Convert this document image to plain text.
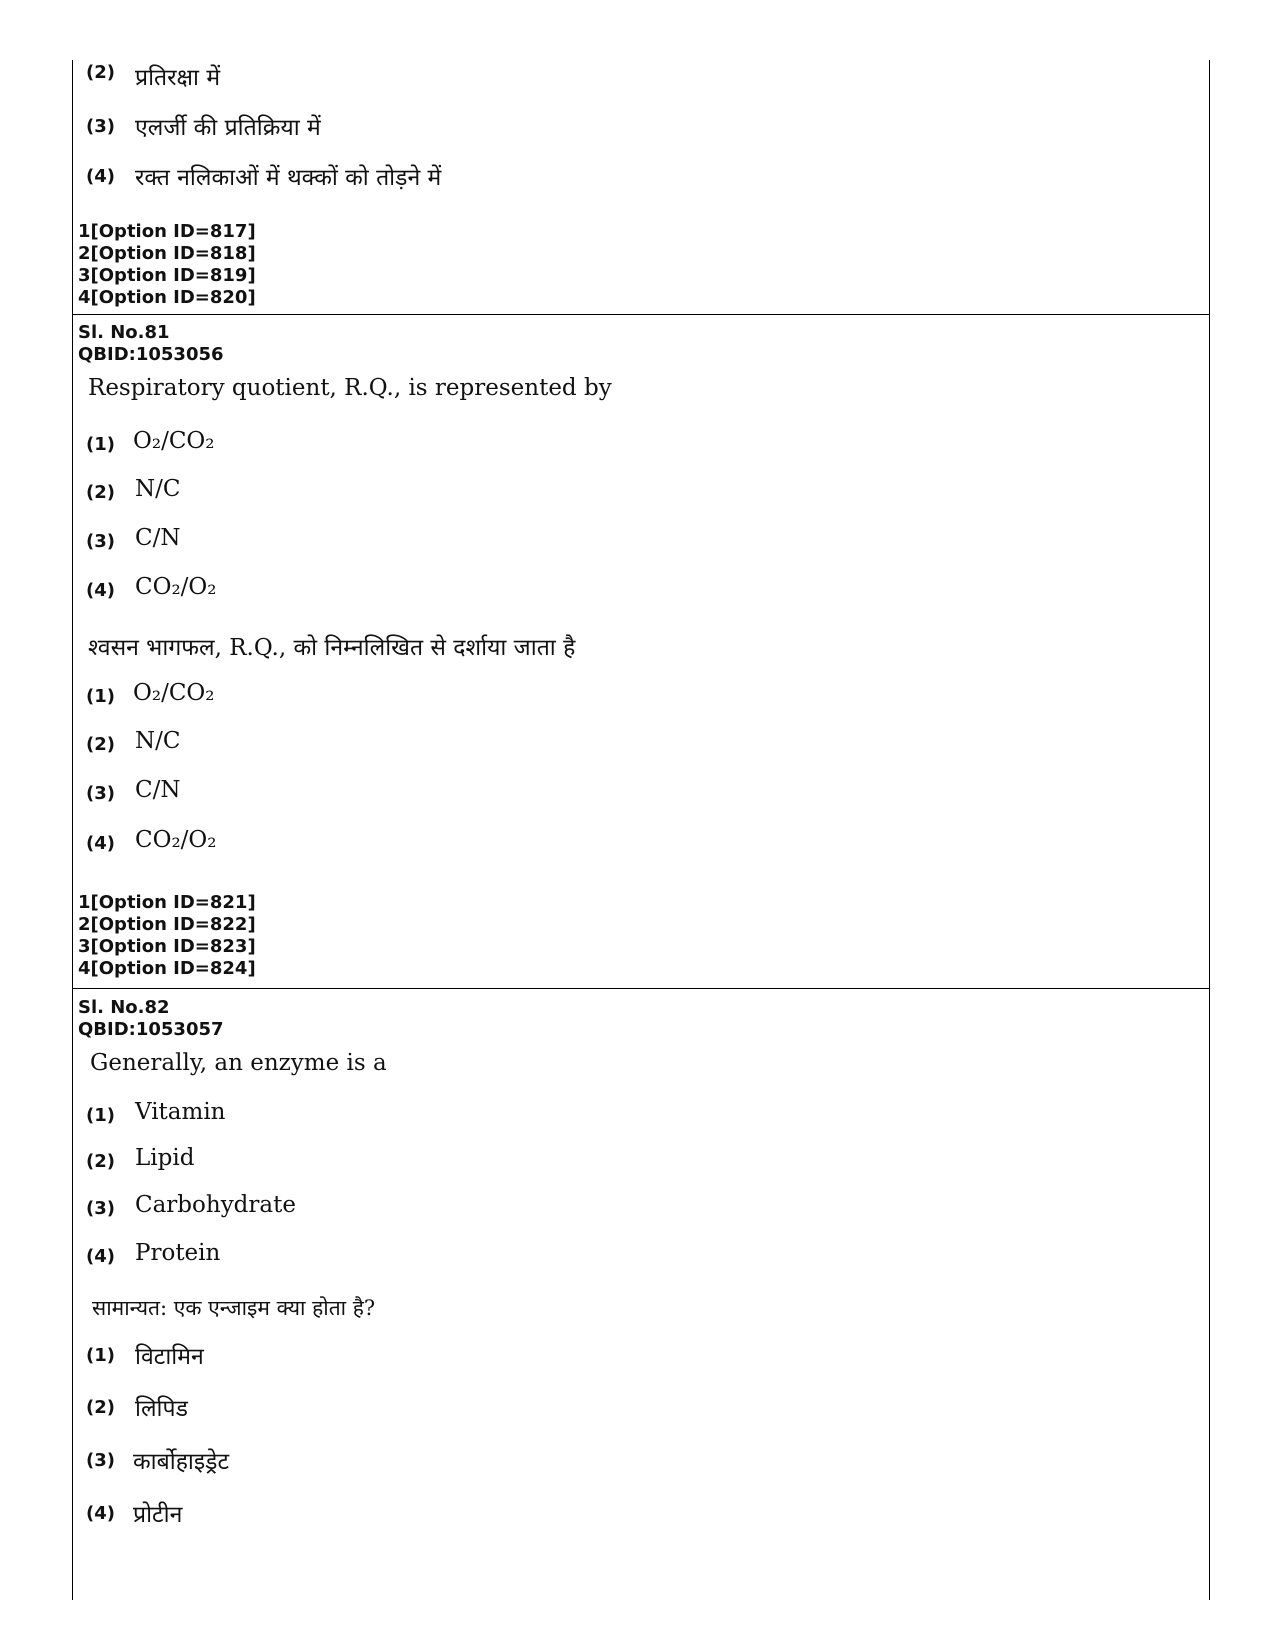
(2) प्रतिरक्षा में
(3) एलर्जी की प्रतिक्रिया में
(4) रक्त नलिकाओं में थक्कों को तोड़ने में
1[Option ID=817]
2[Option ID=818]
3[Option ID=819]
4[Option ID=820]
Sl. No.81
QBID:1053056
Respiratory quotient, R.Q., is represented by
(1) O₂/CO₂
(2) N/C
(3) C/N
(4) CO₂/O₂
श्वसन भागफल, R.Q., को निम्नलिखित से दर्शाया जाता है
(1) O₂/CO₂
(2) N/C
(3) C/N
(4) CO₂/O₂
1[Option ID=821]
2[Option ID=822]
3[Option ID=823]
4[Option ID=824]
Sl. No.82
QBID:1053057
Generally, an enzyme is a
(1) Vitamin
(2) Lipid
(3) Carbohydrate
(4) Protein
सामान्यत: एक एन्जाइम क्या होता है?
(1) विटामिन
(2) लिपिड
(3) कार्बोहाइड्रेट
(4) प्रोटीन
